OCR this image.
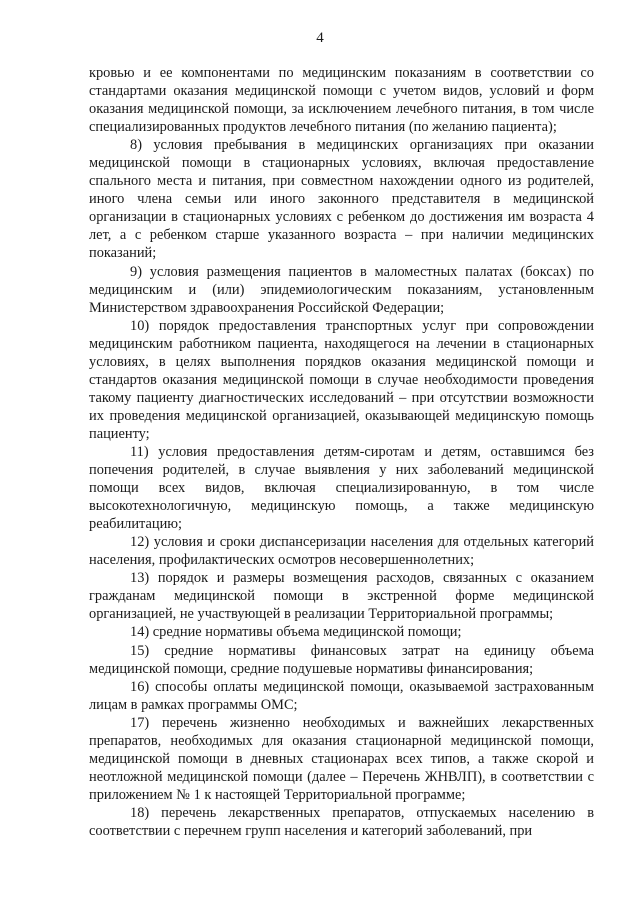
4

кровью и ее компонентами по медицинским показаниям в соответствии со стандартами оказания медицинской помощи с учетом видов, условий и форм оказания медицинской помощи, за исключением лечебного питания, в том числе специализированных продуктов лечебного питания (по желанию пациента);

8) условия пребывания в медицинских организациях при оказании медицинской помощи в стационарных условиях, включая предоставление спального места и питания, при совместном нахождении одного из родителей, иного члена семьи или иного законного представителя в медицинской организации в стационарных условиях с ребенком до достижения им возраста 4 лет, а с ребенком старше указанного возраста – при наличии медицинских показаний;

9) условия размещения пациентов в маломестных палатах (боксах) по медицинским и (или) эпидемиологическим показаниям, установленным Министерством здравоохранения Российской Федерации;

10) порядок предоставления транспортных услуг при сопровождении медицинским работником пациента, находящегося на лечении в стационарных условиях, в целях выполнения порядков оказания медицинской помощи и стандартов оказания медицинской помощи в случае необходимости проведения такому пациенту диагностических исследований – при отсутствии возможности их проведения медицинской организацией, оказывающей медицинскую помощь пациенту;

11) условия предоставления детям-сиротам и детям, оставшимся без попечения родителей, в случае выявления у них заболеваний медицинской помощи всех видов, включая специализированную, в том числе высокотехнологичную, медицинскую помощь, а также медицинскую реабилитацию;

12) условия и сроки диспансеризации населения для отдельных категорий населения, профилактических осмотров несовершеннолетних;

13) порядок и размеры возмещения расходов, связанных с оказанием гражданам медицинской помощи в экстренной форме медицинской организацией, не участвующей в реализации Территориальной программы;

14) средние нормативы объема медицинской помощи;

15) средние нормативы финансовых затрат на единицу объема медицинской помощи, средние подушевые нормативы финансирования;

16) способы оплаты медицинской помощи, оказываемой застрахованным лицам в рамках программы ОМС;

17) перечень жизненно необходимых и важнейших лекарственных препаратов, необходимых для оказания стационарной медицинской помощи, медицинской помощи в дневных стационарах всех типов, а также скорой и неотложной медицинской помощи (далее – Перечень ЖНВЛП), в соответствии с приложением № 1 к настоящей Территориальной программе;

18) перечень лекарственных препаратов, отпускаемых населению в соответствии с перечнем групп населения и категорий заболеваний, при
